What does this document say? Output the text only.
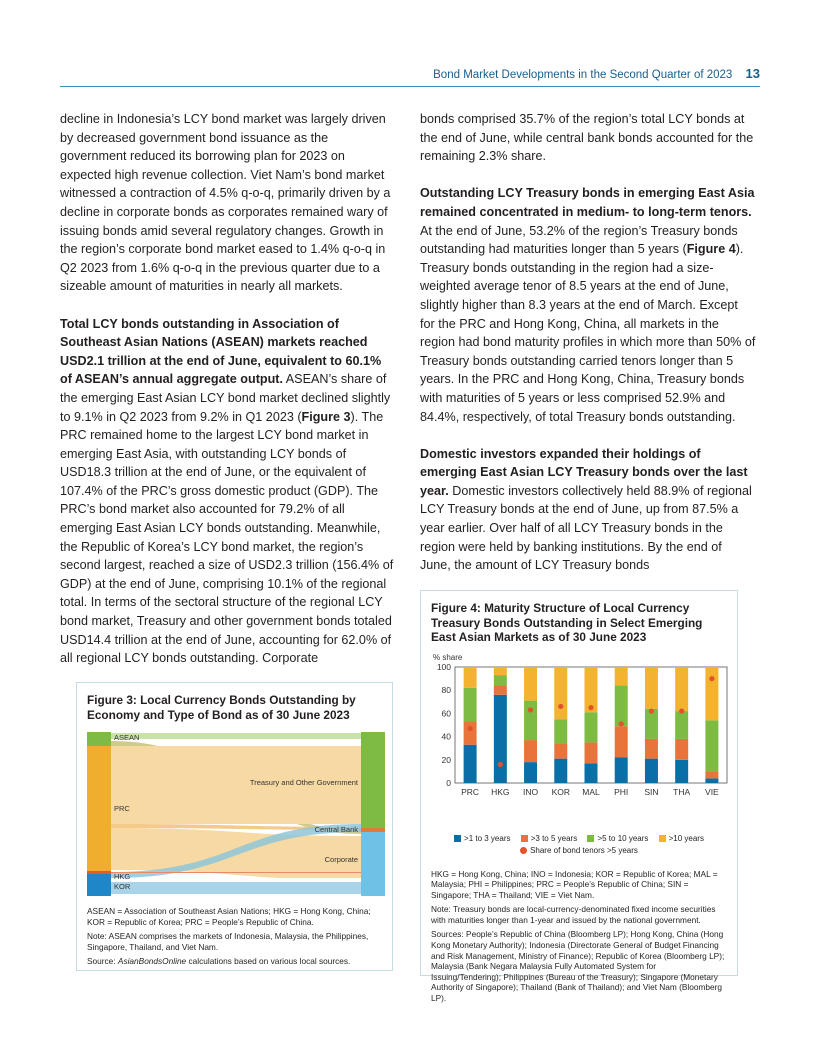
Bond Market Developments in the Second Quarter of 2023 13

decline in Indonesia’s LCY bond market was largely driven by decreased government bond issuance as the government reduced its borrowing plan for 2023 on expected high revenue collection. Viet Nam’s bond market witnessed a contraction of 4.5% q-o-q, primarily driven by a decline in corporate bonds as corporates remained wary of issuing bonds amid several regulatory changes. Growth in the region’s corporate bond market eased to 1.4% q-o-q in Q2 2023 from 1.6% q-o-q in the previous quarter due to a sizeable amount of maturities in nearly all markets.

Total LCY bonds outstanding in Association of Southeast Asian Nations (ASEAN) markets reached USD2.1 trillion at the end of June, equivalent to 60.1% of ASEAN’s annual aggregate output. ASEAN’s share of the emerging East Asian LCY bond market declined slightly to 9.1% in Q2 2023 from 9.2% in Q1 2023 (Figure 3). The PRC remained home to the largest LCY bond market in emerging East Asia, with outstanding LCY bonds of USD18.3 trillion at the end of June, or the equivalent of 107.4% of the PRC’s gross domestic product (GDP). The PRC’s bond market also accounted for 79.2% of all emerging East Asian LCY bonds outstanding. Meanwhile, the Republic of Korea’s LCY bond market, the region’s second largest, reached a size of USD2.3 trillion (156.4% of GDP) at the end of June, comprising 10.1% of the regional total. In terms of the sectoral structure of the regional LCY bond market, Treasury and other government bonds totaled USD14.4 trillion at the end of June, accounting for 62.0% of all regional LCY bonds outstanding. Corporate

bonds comprised 35.7% of the region’s total LCY bonds at the end of June, while central bank bonds accounted for the remaining 2.3% share.

Outstanding LCY Treasury bonds in emerging East Asia remained concentrated in medium- to long-term tenors. At the end of June, 53.2% of the region’s Treasury bonds outstanding had maturities longer than 5 years (Figure 4). Treasury bonds outstanding in the region had a size-weighted average tenor of 8.5 years at the end of June, slightly higher than 8.3 years at the end of March. Except for the PRC and Hong Kong, China, all markets in the region had bond maturity profiles in which more than 50% of Treasury bonds outstanding carried tenors longer than 5 years. In the PRC and Hong Kong, China, Treasury bonds with maturities of 5 years or less comprised 52.9% and 84.4%, respectively, of total Treasury bonds outstanding.

Domestic investors expanded their holdings of emerging East Asian LCY Treasury bonds over the last year. Domestic investors collectively held 88.9% of regional LCY Treasury bonds at the end of June, up from 87.5% a year earlier. Over half of all LCY Treasury bonds in the region were held by banking institutions. By the end of June, the amount of LCY Treasury bonds

Figure 3: Local Currency Bonds Outstanding by Economy and Type of Bond as of 30 June 2023

ASEAN
PRC
HKG
KOR
Treasury and Other Government
Central Bank
Corporate

ASEAN = Association of Southeast Asian Nations; HKG = Hong Kong, China; KOR = Republic of Korea; PRC = People’s Republic of China.

Note: ASEAN comprises the markets of Indonesia, Malaysia, the Philippines, Singapore, Thailand, and Viet Nam.

Source: AsianBondsOnline calculations based on various local sources.

Figure 4: Maturity Structure of Local Currency Treasury Bonds Outstanding in Select Emerging East Asian Markets as of 30 June 2023

% share
0
20
40
60
80
100
PRC HKG INO KOR MAL PHI SIN THA VIE
>1 to 3 years	>3 to 5 years	>5 to 10 years	>10 years
Share of bond tenors >5 years

HKG = Hong Kong, China; INO = Indonesia; KOR = Republic of Korea; MAL = Malaysia; PHI = Philippines; PRC = People’s Republic of China; SIN = Singapore; THA = Thailand; VIE = Viet Nam.

Note: Treasury bonds are local-currency-denominated fixed income securities with maturities longer than 1-year and issued by the national government.

Sources: People’s Republic of China (Bloomberg LP); Hong Kong, China (Hong Kong Monetary Authority); Indonesia (Directorate General of Budget Financing and Risk Management, Ministry of Finance); Republic of Korea (Bloomberg LP); Malaysia (Bank Negara Malaysia Fully Automated System for Issuing/Tendering); Philippines (Bureau of the Treasury); Singapore (Monetary Authority of Singapore); Thailand (Bank of Thailand); and Viet Nam (Bloomberg LP).
